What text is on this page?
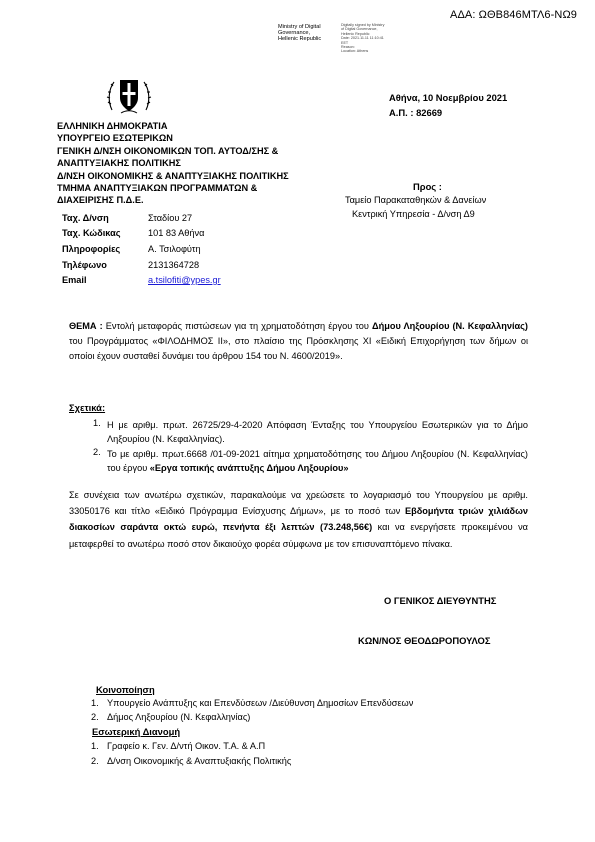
ΑΔΑ: ΩΘΒ846ΜΤΛ6-ΝΩ9
Ministry of Digital
Governance,
Hellenic Republic
Digitally signed by Ministry
of Digital Governance,
Hellenic Republic
Date: 2021.11.11 11:10:41
EET
Reason:
Location: Athens
ΕΛΛΗΝΙΚΗ ΔΗΜΟΚΡΑΤΙΑ
ΥΠΟΥΡΓΕΙΟ ΕΣΩΤΕΡΙΚΩΝ
ΓΕΝΙΚΗ Δ/ΝΣΗ ΟΙΚΟΝΟΜΙΚΩΝ ΤΟΠ. ΑΥΤΟΔ/ΣΗΣ &
ΑΝΑΠΤΥΞΙΑΚΗΣ ΠΟΛΙΤΙΚΗΣ
Δ/ΝΣΗ ΟΙΚΟΝΟΜΙΚΗΣ & ΑΝΑΠΤΥΞΙΑΚΗΣ ΠΟΛΙΤΙΚΗΣ
ΤΜΗΜΑ ΑΝΑΠΤΥΞΙΑΚΩΝ ΠΡΟΓΡΑΜΜΑΤΩΝ &
ΔΙΑΧΕΙΡΙΣΗΣ Π.Δ.Ε.
Ταχ. Δ/νση	Σταδίου 27
Ταχ. Κώδικας	101 83 Αθήνα
Πληροφορίες	Α. Τσιλοφύτη
Τηλέφωνο	2131364728
Email	a.tsilofiti@ypes.gr
Αθήνα, 10 Νοεμβρίου 2021
Α.Π. : 82669
Προς :
Ταμείο Παρακαταθηκών & Δανείων
Κεντρική Υπηρεσία - Δ/νση Δ9
ΘΕΜΑ : Εντολή μεταφοράς πιστώσεων για τη χρηματοδότηση έργου του Δήμου Ληξουρίου (Ν. Κεφαλληνίας) του Προγράμματος «ΦΙΛΟΔΗΜΟΣ ΙΙ», στο πλαίσιο της Πρόσκλησης ΧΙ «Ειδική Επιχορήγηση των δήμων οι οποίοι έχουν συσταθεί δυνάμει του άρθρου 154 του Ν. 4600/2019».
Σχετικά:
1. Η με αριθμ. πρωτ. 26725/29-4-2020 Απόφαση Ένταξης του Υπουργείου Εσωτερικών για το Δήμο Ληξουρίου (Ν. Κεφαλληνίας).
2. Το με αριθμ. πρωτ.6668 /01-09-2021 αίτημα χρηματοδότησης του Δήμου Ληξουρίου (Ν. Κεφαλληνίας) του έργου «Εργα τοπικής ανάπτυξης Δήμου Ληξουρίου»
Σε συνέχεια των ανωτέρω σχετικών, παρακαλούμε να χρεώσετε το λογαριασμό του Υπουργείου με αριθμ. 33050176 και τίτλο «Ειδικό Πρόγραμμα Ενίσχυσης Δήμων», με το ποσό των Εβδομήντα τριών χιλιάδων διακοσίων σαράντα οκτώ ευρώ, πενήντα έξι λεπτών (73.248,56€) και να ενεργήσετε προκειμένου να μεταφερθεί το ανωτέρω ποσό στον δικαιούχο φορέα σύμφωνα με τον επισυναπτόμενο πίνακα.
Ο ΓΕΝΙΚΟΣ ΔΙΕΥΘΥΝΤΗΣ
ΚΩΝ/ΝΟΣ ΘΕΟΔΩΡΟΠΟΥΛΟΣ
Κοινοποίηση
1. Υπουργείο Ανάπτυξης και Επενδύσεων /Διεύθυνση Δημοσίων Επενδύσεων
2. Δήμος Ληξουρίου (Ν. Κεφαλληνίας)
Εσωτερική Διανομή
1. Γραφείο κ. Γεν. Δ/ντή Οικον. Τ.Α. & Α.Π
2. Δ/νση Οικονομικής & Αναπτυξιακής Πολιτικής
